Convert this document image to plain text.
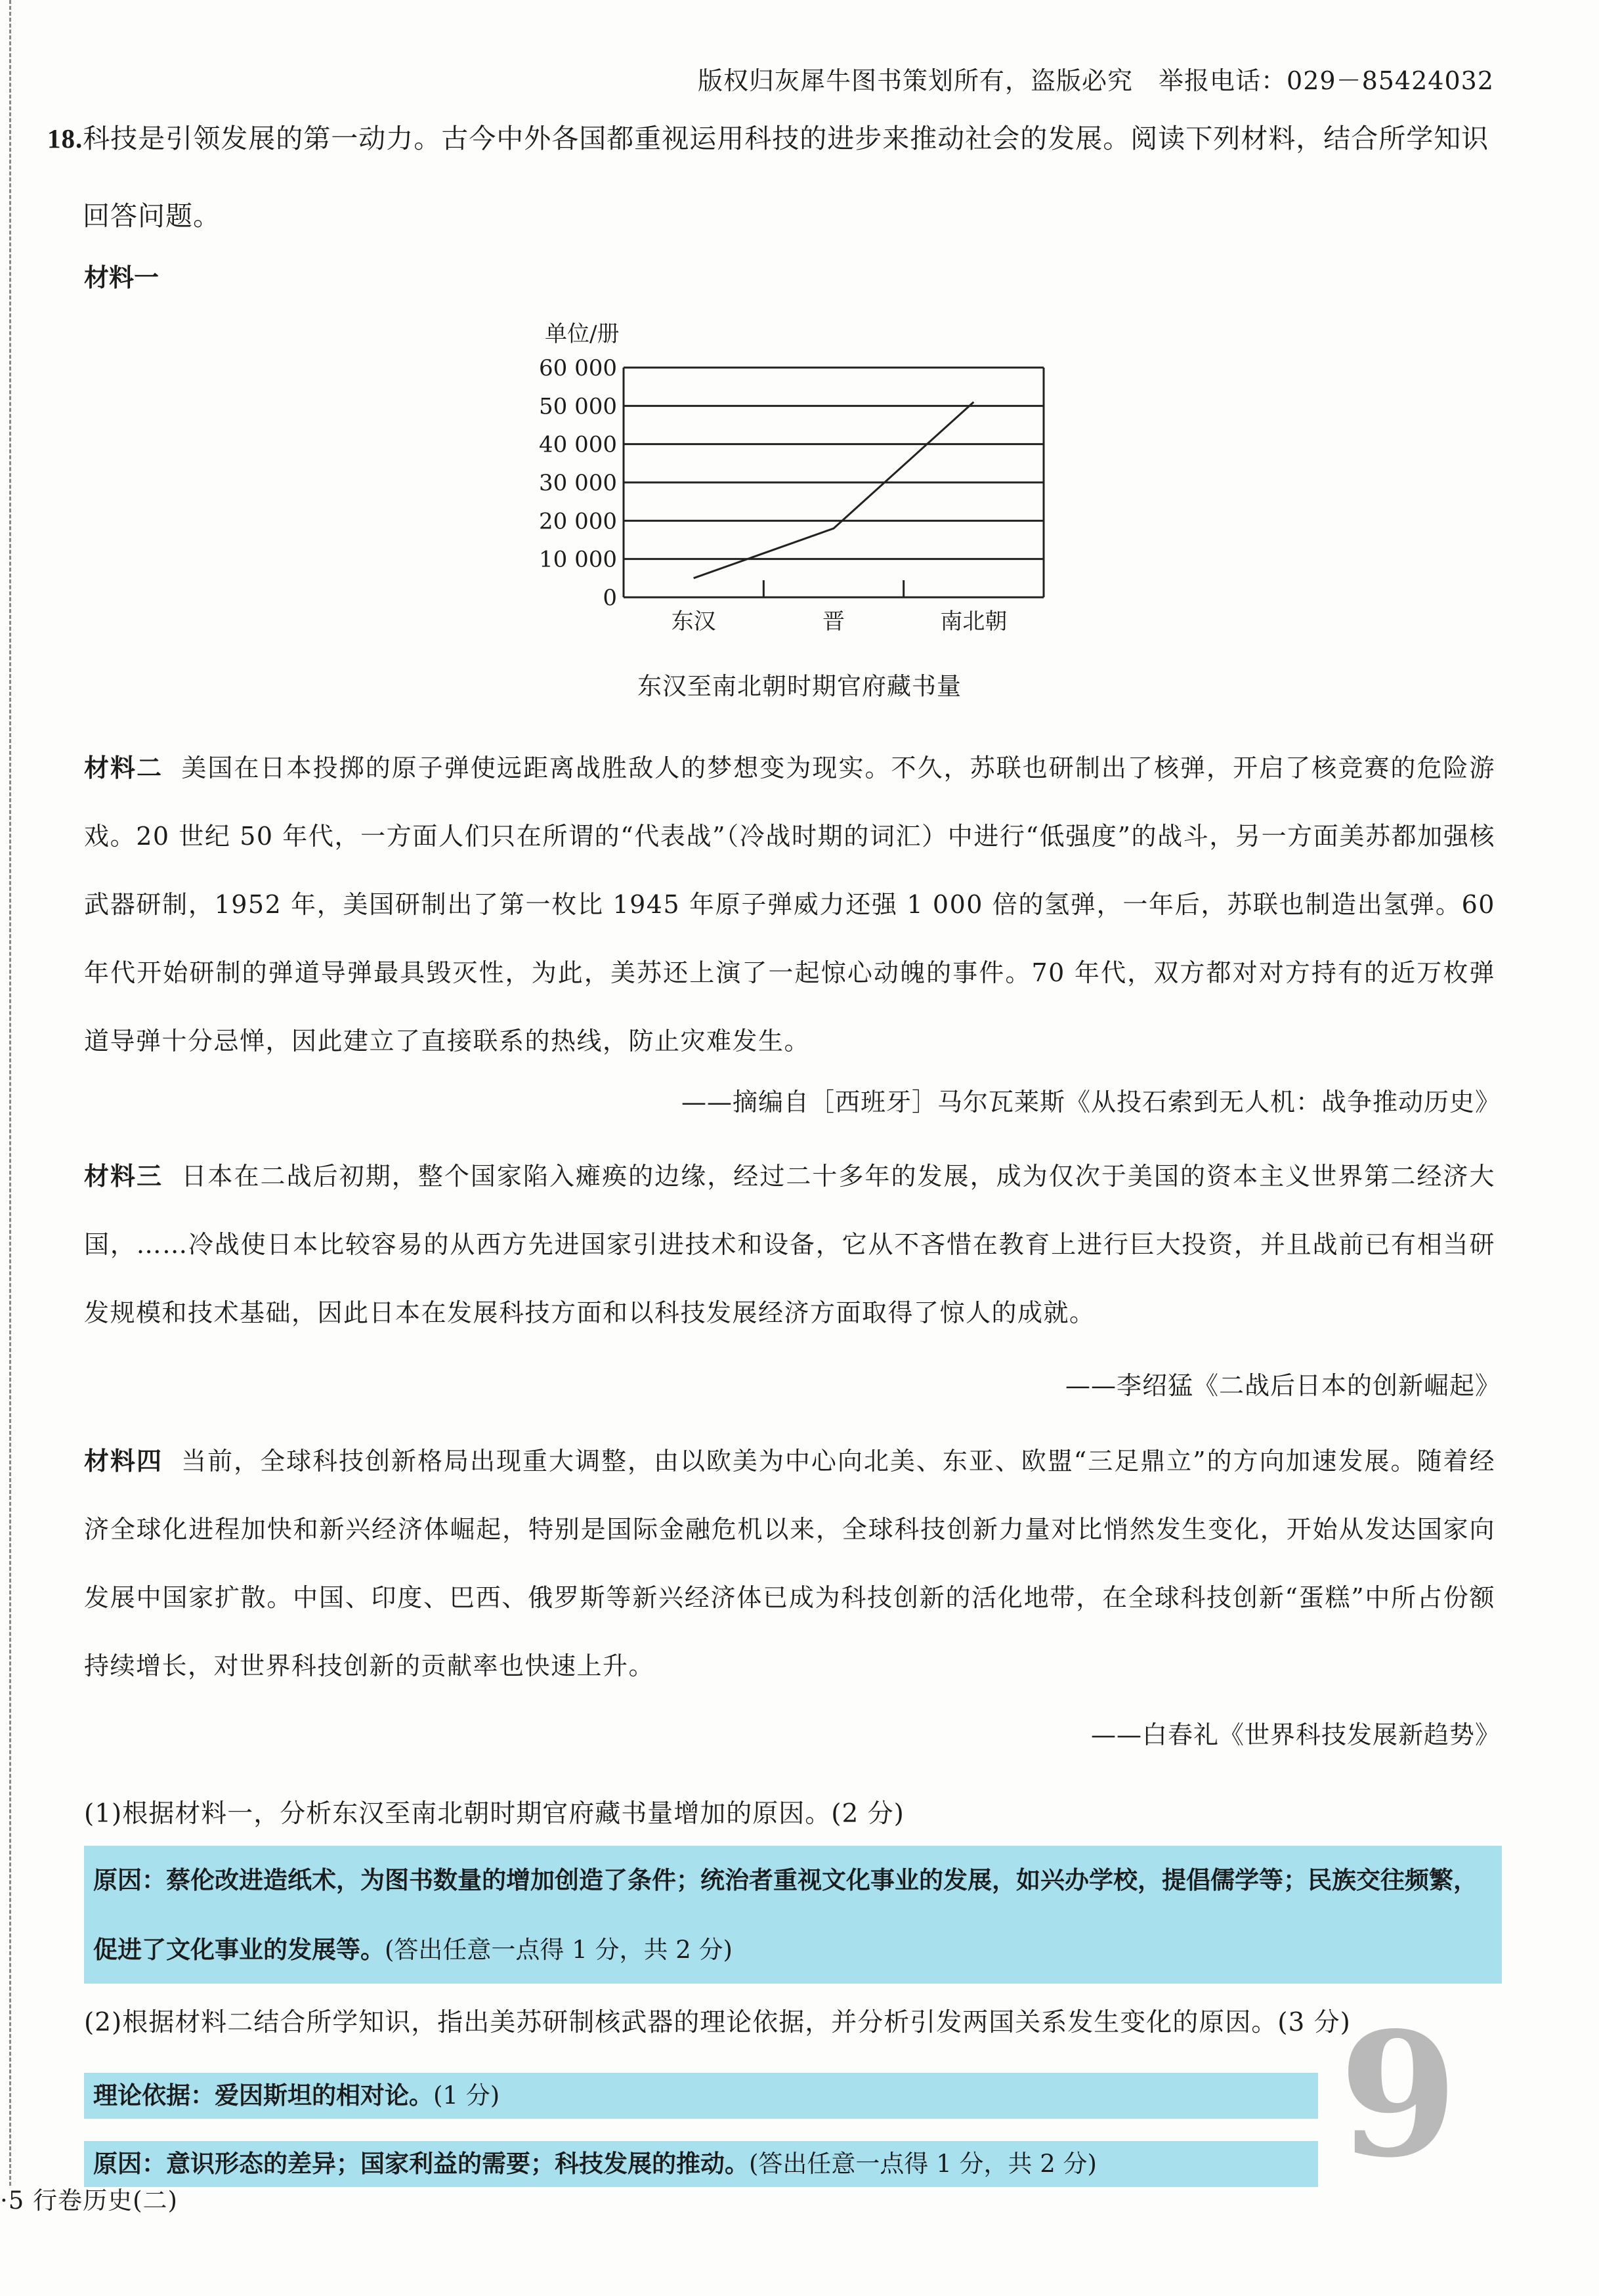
版权归灰犀牛图书策划所有，盗版必究　举报电话：029－85424032
18.科技是引领发展的第一动力。古今中外各国都重视运用科技的进步来推动社会的发展。阅读下列材料，结合所学知识
回答问题。
材料一
单位/册
0
10 000
20 000
30 000
40 000
50 000
60 000
东汉	晋	南北朝
东汉至南北朝时期官府藏书量
材料二 美国在日本投掷的原子弹使远距离战胜敌人的梦想变为现实。不久，苏联也研制出了核弹，开启了核竞赛的危险游戏。20 世纪 50 年代，一方面人们只在所谓的“代表战”（冷战时期的词汇）中进行“低强度”的战斗，另一方面美苏都加强核武器研制，1952 年，美国研制出了第一枚比 1945 年原子弹威力还强 1 000 倍的氢弹，一年后，苏联也制造出氢弹。60 年代开始研制的弹道导弹最具毁灭性，为此，美苏还上演了一起惊心动魄的事件。70 年代，双方都对对方持有的近万枚弹道导弹十分忌惮，因此建立了直接联系的热线，防止灾难发生。
——摘编自［西班牙］马尔瓦莱斯《从投石索到无人机：战争推动历史》
材料三 日本在二战后初期，整个国家陷入瘫痪的边缘，经过二十多年的发展，成为仅次于美国的资本主义世界第二经济大国，……冷战使日本比较容易的从西方先进国家引进技术和设备，它从不吝惜在教育上进行巨大投资，并且战前已有相当研发规模和技术基础，因此日本在发展科技方面和以科技发展经济方面取得了惊人的成就。
——李绍猛《二战后日本的创新崛起》
材料四 当前，全球科技创新格局出现重大调整，由以欧美为中心向北美、东亚、欧盟“三足鼎立”的方向加速发展。随着经济全球化进程加快和新兴经济体崛起，特别是国际金融危机以来，全球科技创新力量对比悄然发生变化，开始从发达国家向发展中国家扩散。中国、印度、巴西、俄罗斯等新兴经济体已成为科技创新的活化地带，在全球科技创新“蛋糕”中所占份额持续增长，对世界科技创新的贡献率也快速上升。
——白春礼《世界科技发展新趋势》
(1)根据材料一，分析东汉至南北朝时期官府藏书量增加的原因。(2 分)
原因：蔡伦改进造纸术，为图书数量的增加创造了条件；统治者重视文化事业的发展，如兴办学校，提倡儒学等；民族交往频繁，促进了文化事业的发展等。(答出任意一点得 1 分，共 2 分)
(2)根据材料二结合所学知识，指出美苏研制核武器的理论依据，并分析引发两国关系发生变化的原因。(3 分)
理论依据：爱因斯坦的相对论。(1 分)
原因：意识形态的差异；国家利益的需要；科技发展的推动。(答出任意一点得 1 分，共 2 分)	9
·5 行卷历史(二)
